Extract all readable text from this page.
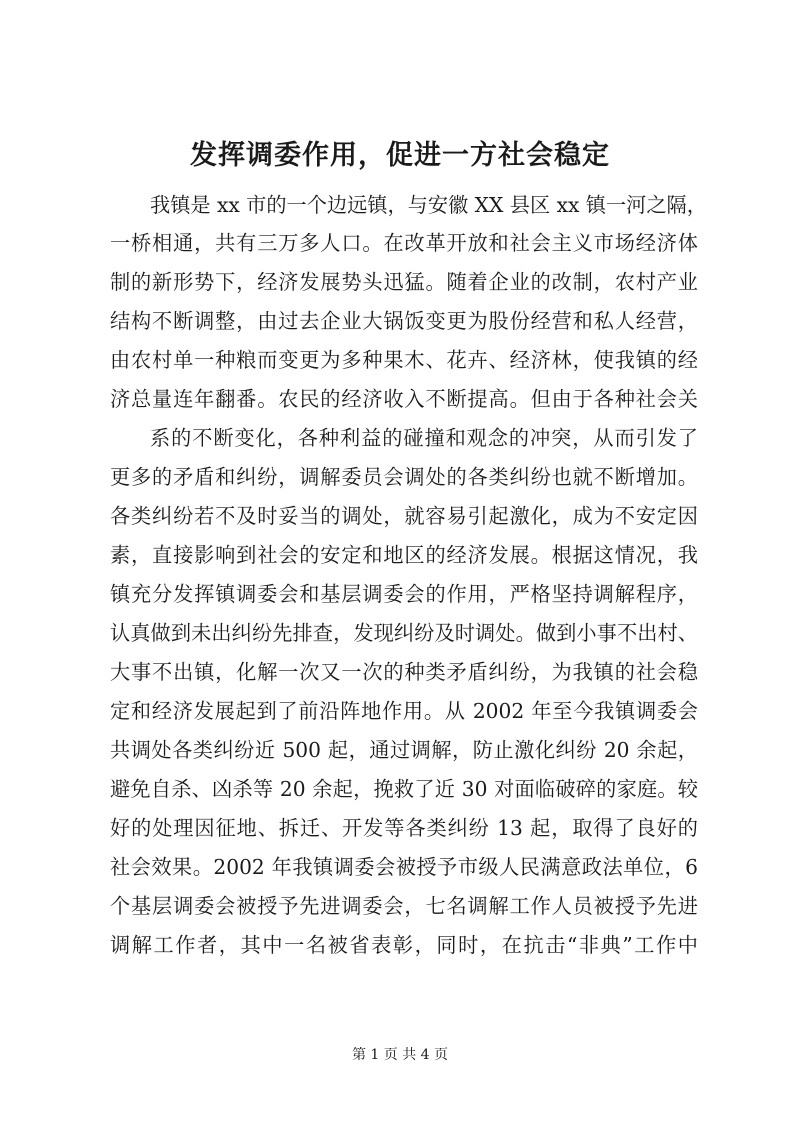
发挥调委作用，促进一方社会稳定

我镇是 xx 市的一个边远镇，与安徽 XX 县区 xx 镇一河之隔，

一桥相通，共有三万多人口。在改革开放和社会主义市场经济体

制的新形势下，经济发展势头迅猛。随着企业的改制，农村产业

结构不断调整，由过去企业大锅饭变更为股份经营和私人经营，

由农村单一种粮而变更为多种果木、花卉、经济林，使我镇的经

济总量连年翻番。农民的经济收入不断提高。但由于各种社会关

系的不断变化，各种利益的碰撞和观念的冲突，从而引发了

更多的矛盾和纠纷，调解委员会调处的各类纠纷也就不断增加。

各类纠纷若不及时妥当的调处，就容易引起激化，成为不安定因

素，直接影响到社会的安定和地区的经济发展。根据这情况，我

镇充分发挥镇调委会和基层调委会的作用，严格坚持调解程序，

认真做到未出纠纷先排查，发现纠纷及时调处。做到小事不出村、

大事不出镇，化解一次又一次的种类矛盾纠纷，为我镇的社会稳

定和经济发展起到了前沿阵地作用。从 2002 年至今我镇调委会

共调处各类纠纷近 500 起，通过调解，防止激化纠纷 20 余起，

避免自杀、凶杀等 20 余起，挽救了近 30 对面临破碎的家庭。较

好的处理因征地、拆迁、开发等各类纠纷 13 起，取得了良好的

社会效果。2002 年我镇调委会被授予市级人民满意政法单位，6

个基层调委会被授予先进调委会，七名调解工作人员被授予先进

调解工作者，其中一名被省表彰，同时，在抗击“非典”工作中

第 1 页 共 4 页
